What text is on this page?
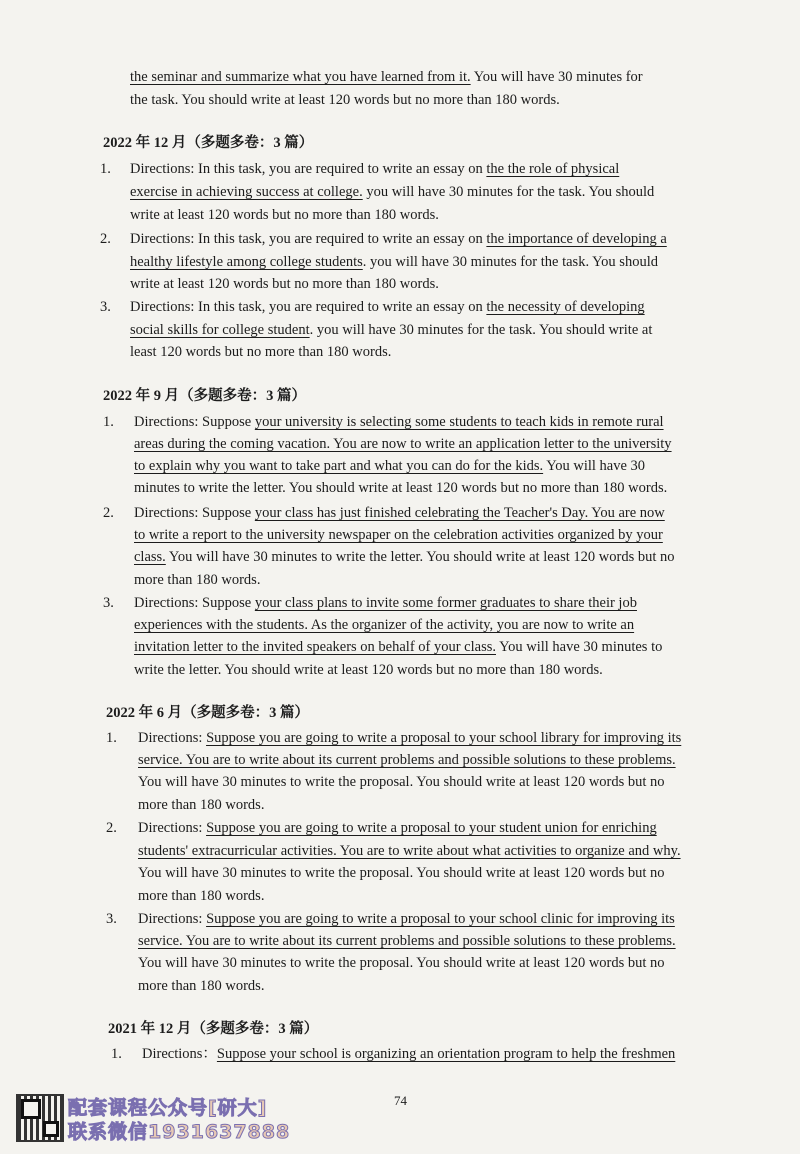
the seminar and summarize what you have learned from it. You will have 30 minutes for
the task. You should write at least 120 words but no more than 180 words.
2022 年 12 月（多题多卷：3 篇）
1. Directions: In this task, you are required to write an essay on the the role of physical
exercise in achieving success at college. you will have 30 minutes for the task. You should
write at least 120 words but no more than 180 words.
2. Directions: In this task, you are required to write an essay on the importance of developing a
healthy lifestyle among college students. you will have 30 minutes for the task. You should
write at least 120 words but no more than 180 words.
3. Directions: In this task, you are required to write an essay on the necessity of developing
social skills for college student. you will have 30 minutes for the task. You should write at
least 120 words but no more than 180 words.
2022 年 9 月（多题多卷：3 篇）
1. Directions: Suppose your university is selecting some students to teach kids in remote rural
areas during the coming vacation. You are now to write an application letter to the university
to explain why you want to take part and what you can do for the kids. You will have 30
minutes to write the letter. You should write at least 120 words but no more than 180 words.
2. Directions: Suppose your class has just finished celebrating the Teacher's Day. You are now
to write a report to the university newspaper on the celebration activities organized by your
class. You will have 30 minutes to write the letter. You should write at least 120 words but no
more than 180 words.
3. Directions: Suppose your class plans to invite some former graduates to share their job
experiences with the students. As the organizer of the activity, you are now to write an
invitation letter to the invited speakers on behalf of your class. You will have 30 minutes to
write the letter. You should write at least 120 words but no more than 180 words.
2022 年 6 月（多题多卷：3 篇）
1. Directions: Suppose you are going to write a proposal to your school library for improving its
service. You are to write about its current problems and possible solutions to these problems.
You will have 30 minutes to write the proposal. You should write at least 120 words but no
more than 180 words.
2. Directions: Suppose you are going to write a proposal to your student union for enriching
students' extracurricular activities. You are to write about what activities to organize and why.
You will have 30 minutes to write the proposal. You should write at least 120 words but no
more than 180 words.
3. Directions: Suppose you are going to write a proposal to your school clinic for improving its
service. You are to write about its current problems and possible solutions to these problems.
You will have 30 minutes to write the proposal. You should write at least 120 words but no
more than 180 words.
2021 年 12 月（多题多卷：3 篇）
1. Directions：Suppose your school is organizing an orientation program to help the freshmen
74
配套课程公众号[研大]
联系微信1931637888
